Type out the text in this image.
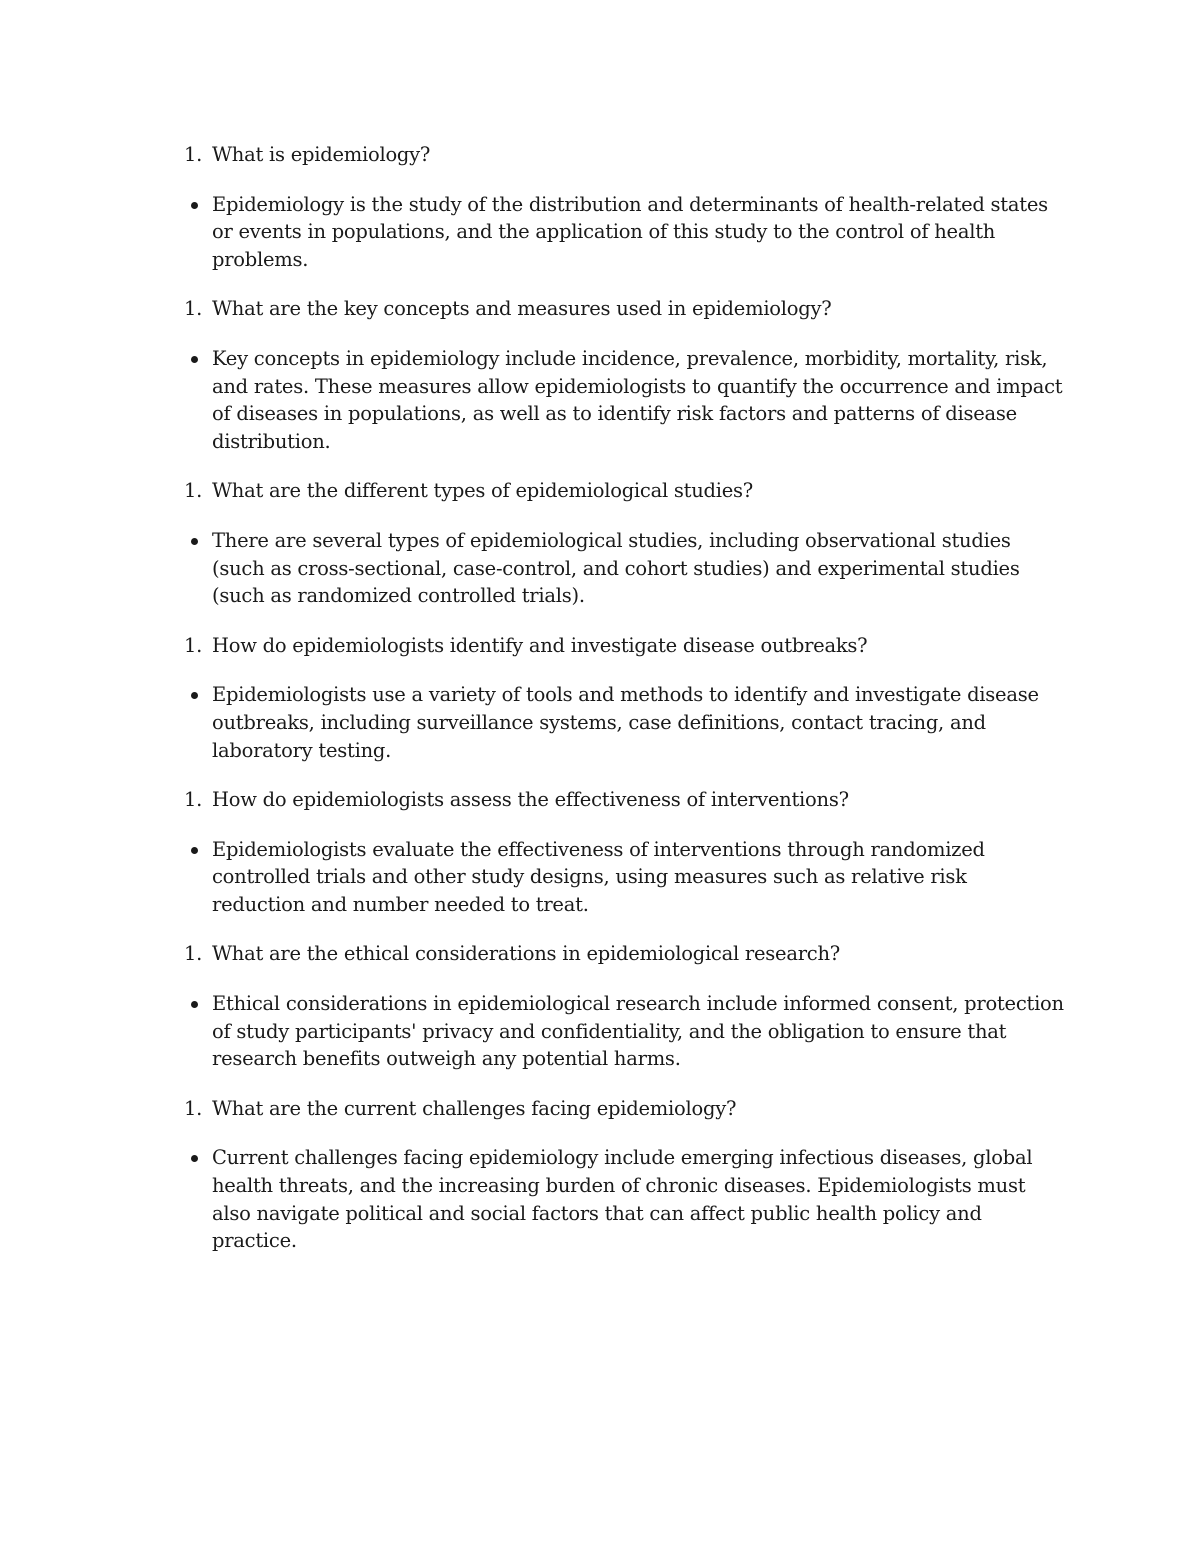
1. What is epidemiology?
Epidemiology is the study of the distribution and determinants of health-related states or events in populations, and the application of this study to the control of health problems.
1. What are the key concepts and measures used in epidemiology?
Key concepts in epidemiology include incidence, prevalence, morbidity, mortality, risk, and rates. These measures allow epidemiologists to quantify the occurrence and impact of diseases in populations, as well as to identify risk factors and patterns of disease distribution.
1. What are the different types of epidemiological studies?
There are several types of epidemiological studies, including observational studies (such as cross-sectional, case-control, and cohort studies) and experimental studies (such as randomized controlled trials).
1. How do epidemiologists identify and investigate disease outbreaks?
Epidemiologists use a variety of tools and methods to identify and investigate disease outbreaks, including surveillance systems, case definitions, contact tracing, and laboratory testing.
1. How do epidemiologists assess the effectiveness of interventions?
Epidemiologists evaluate the effectiveness of interventions through randomized controlled trials and other study designs, using measures such as relative risk reduction and number needed to treat.
1. What are the ethical considerations in epidemiological research?
Ethical considerations in epidemiological research include informed consent, protection of study participants' privacy and confidentiality, and the obligation to ensure that research benefits outweigh any potential harms.
1. What are the current challenges facing epidemiology?
Current challenges facing epidemiology include emerging infectious diseases, global health threats, and the increasing burden of chronic diseases. Epidemiologists must also navigate political and social factors that can affect public health policy and practice.
